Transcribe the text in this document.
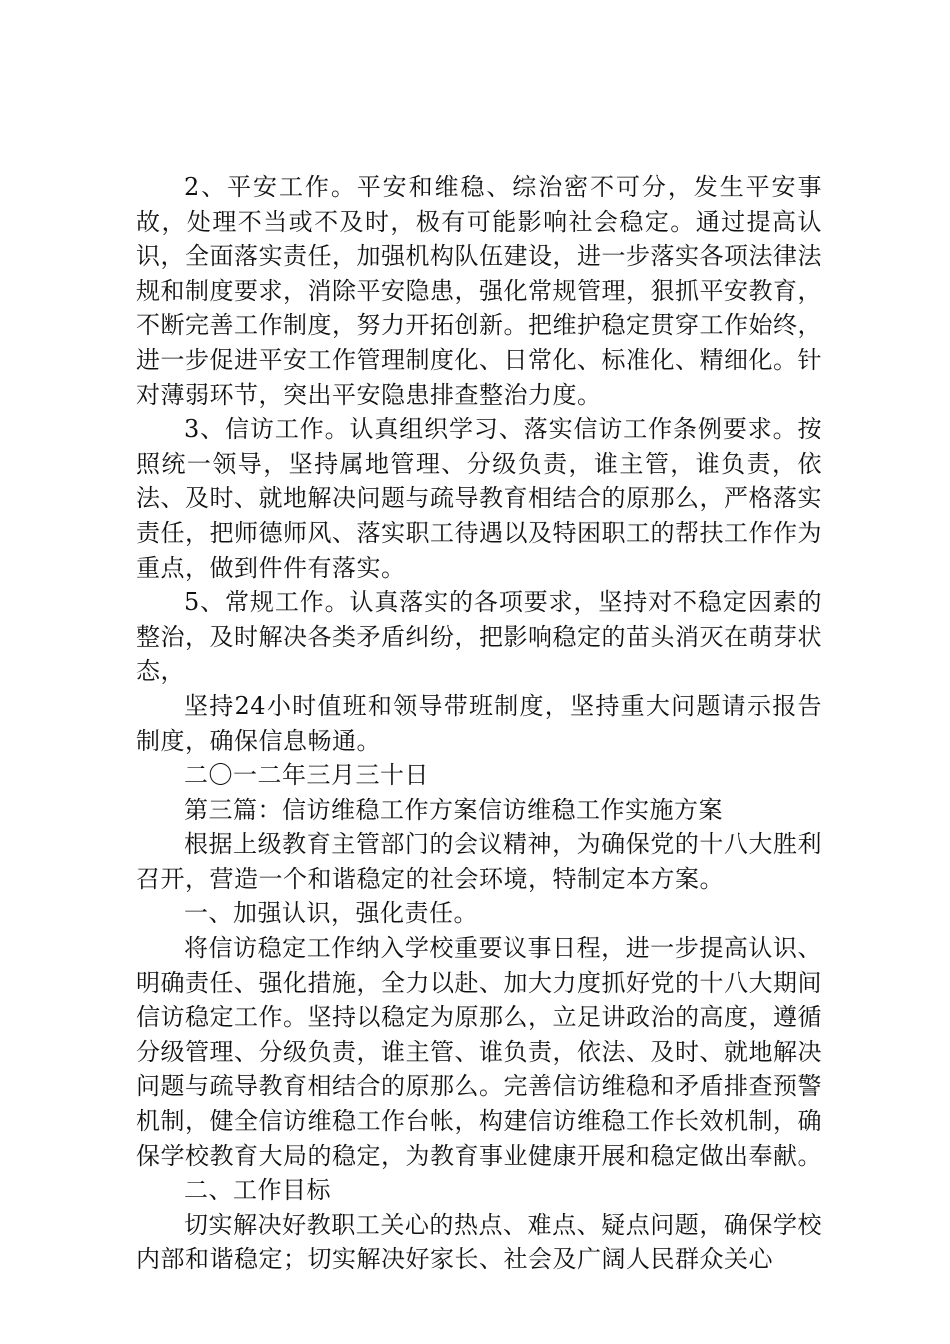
2、平安工作。平安和维稳、综治密不可分，发生平安事故，处理不当或不及时，极有可能影响社会稳定。通过提高认识，全面落实责任，加强机构队伍建设，进一步落实各项法律法规和制度要求，消除平安隐患，强化常规管理，狠抓平安教育，不断完善工作制度，努力开拓创新。把维护稳定贯穿工作始终，进一步促进平安工作管理制度化、日常化、标准化、精细化。针对薄弱环节，突出平安隐患排查整治力度。

3、信访工作。认真组织学习、落实信访工作条例要求。按照统一领导，坚持属地管理、分级负责，谁主管，谁负责，依法、及时、就地解决问题与疏导教育相结合的原那么，严格落实责任，把师德师风、落实职工待遇以及特困职工的帮扶工作作为重点，做到件件有落实。

5、常规工作。认真落实的各项要求，坚持对不稳定因素的整治，及时解决各类矛盾纠纷，把影响稳定的苗头消灭在萌芽状态，

坚持24小时值班和领导带班制度，坚持重大问题请示报告制度，确保信息畅通。

二〇一二年三月三十日

第三篇：信访维稳工作方案信访维稳工作实施方案

根据上级教育主管部门的会议精神，为确保党的十八大胜利召开，营造一个和谐稳定的社会环境，特制定本方案。

一、加强认识，强化责任。

将信访稳定工作纳入学校重要议事日程，进一步提高认识、明确责任、强化措施，全力以赴、加大力度抓好党的十八大期间信访稳定工作。坚持以稳定为原那么，立足讲政治的高度，遵循分级管理、分级负责，谁主管、谁负责，依法、及时、就地解决问题与疏导教育相结合的原那么。完善信访维稳和矛盾排查预警机制，健全信访维稳工作台帐，构建信访维稳工作长效机制，确保学校教育大局的稳定，为教育事业健康开展和稳定做出奉献。

二、工作目标

切实解决好教职工关心的热点、难点、疑点问题，确保学校内部和谐稳定；切实解决好家长、社会及广阔人民群众关心
